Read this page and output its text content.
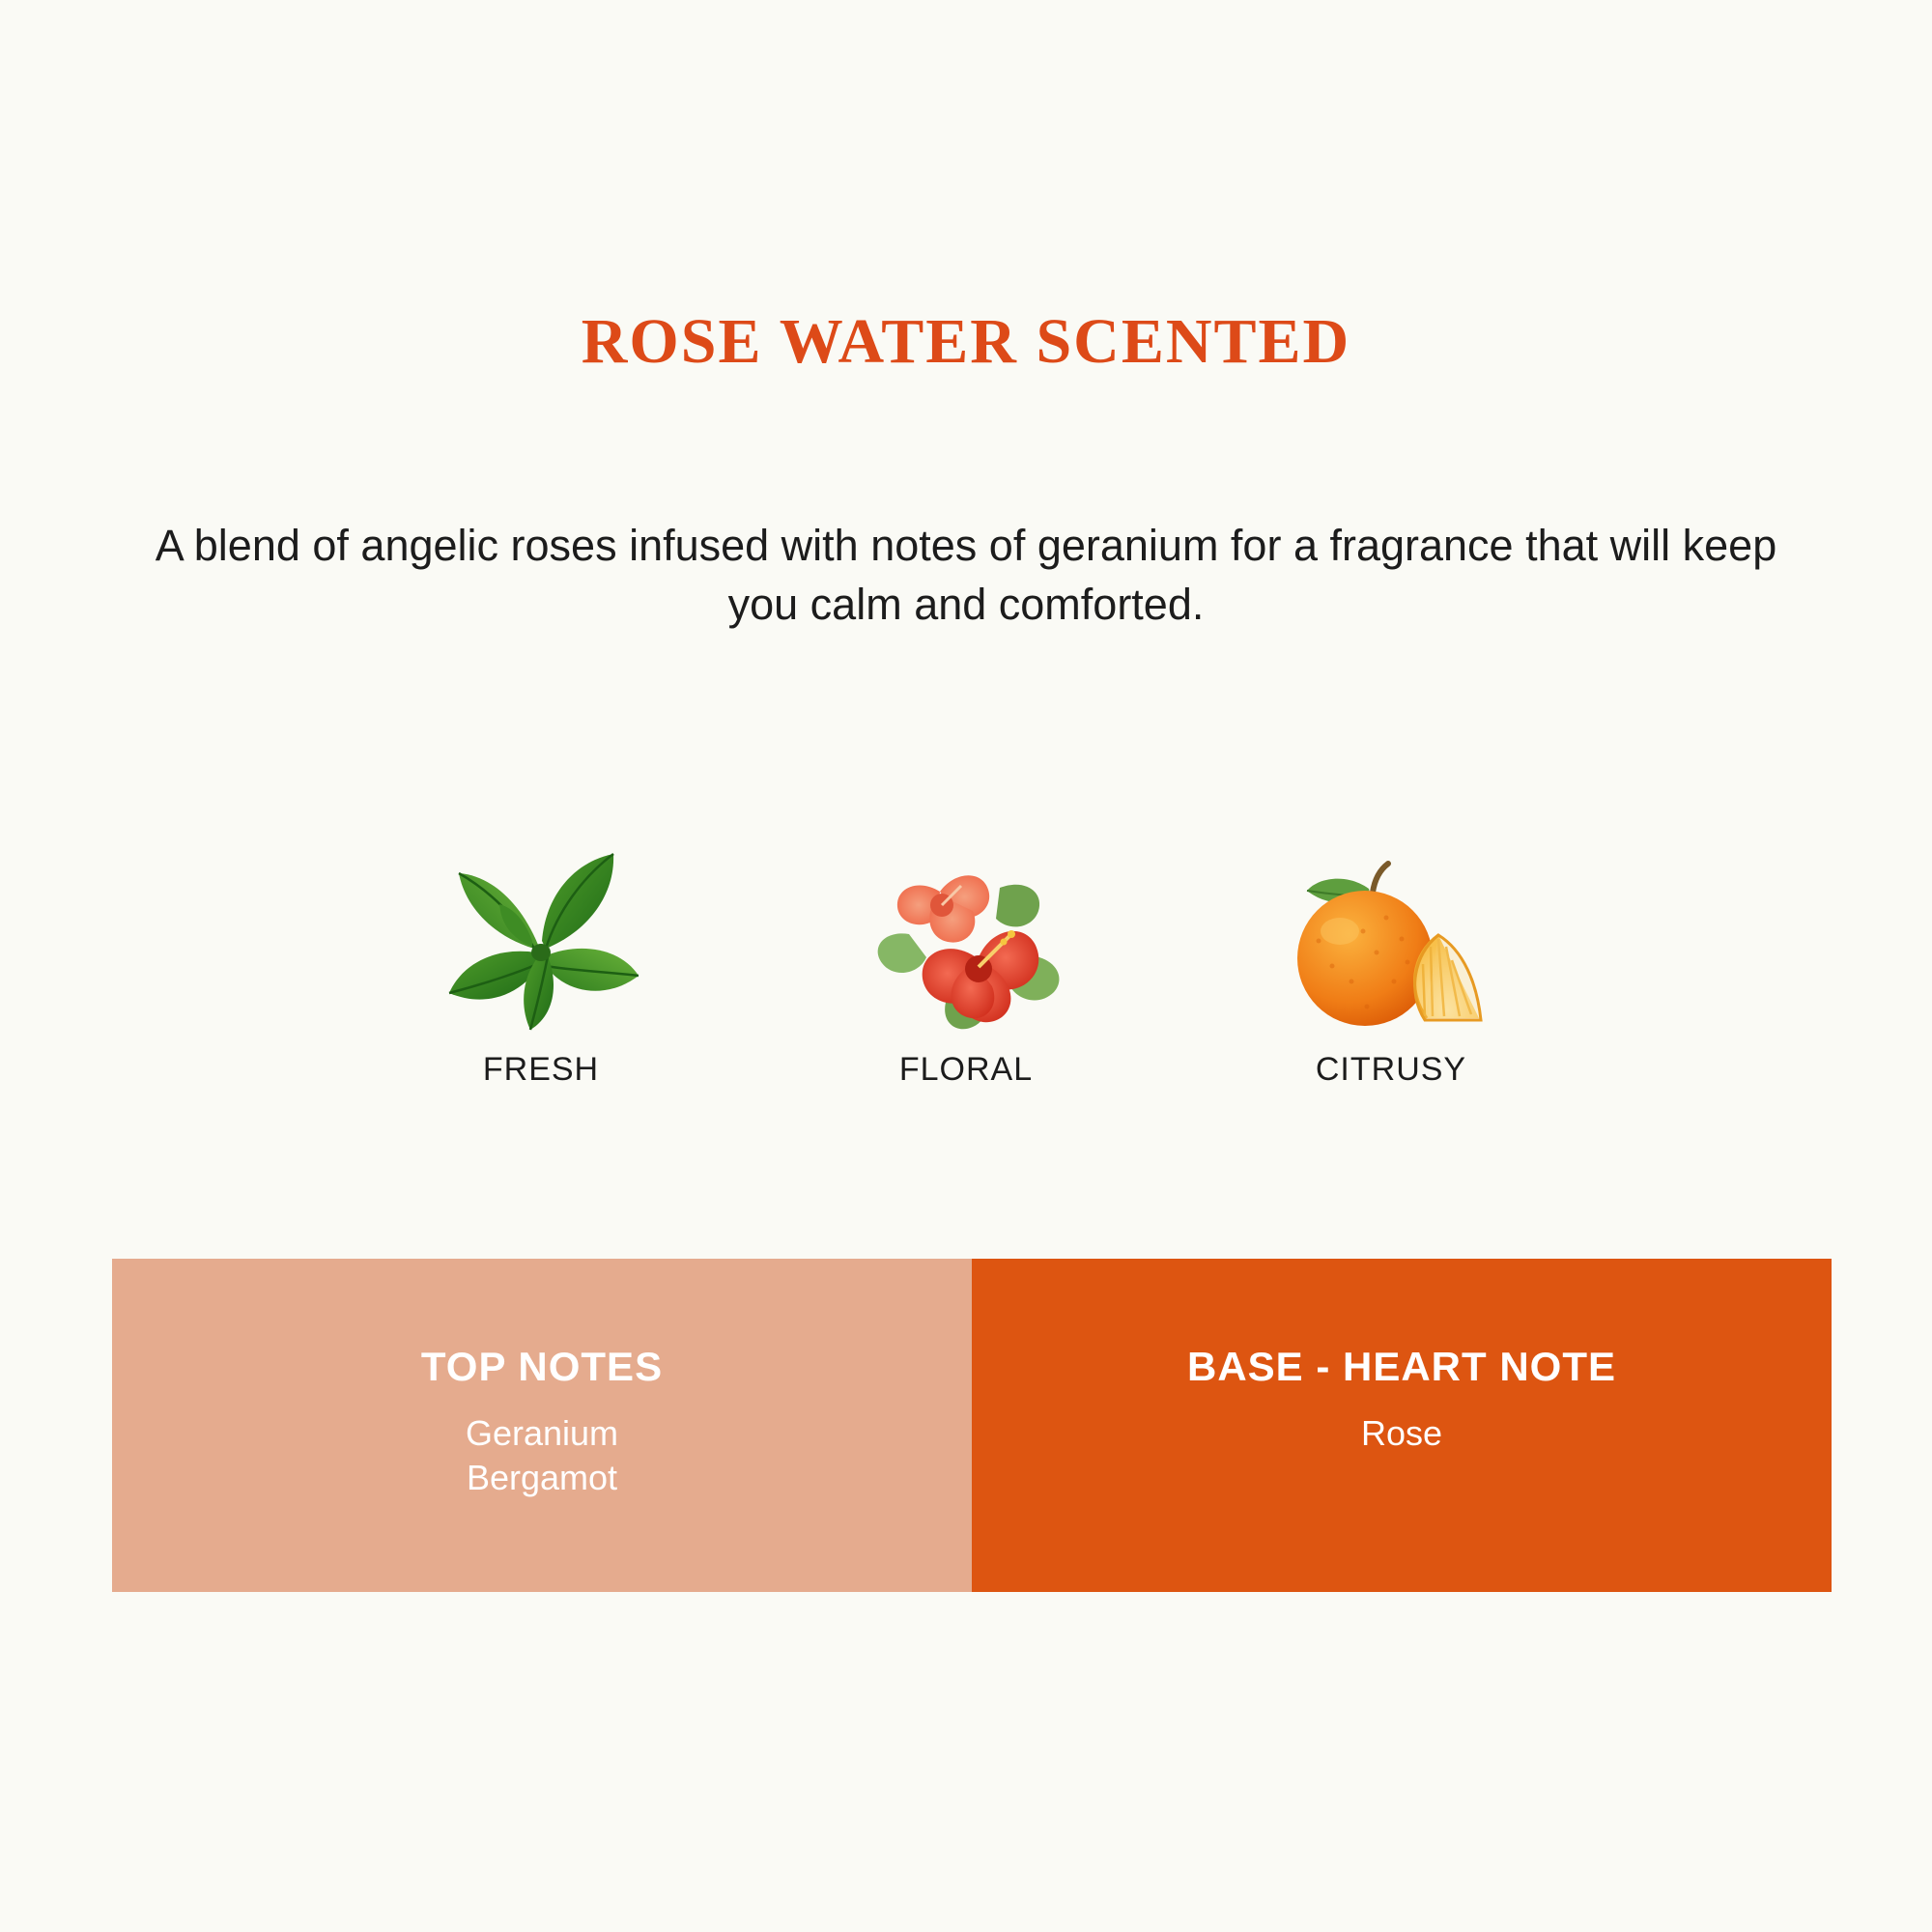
ROSE WATER SCENTED
A blend of angelic roses infused with notes of geranium for a fragrance that will keep you calm and comforted.
FRESH	FLORAL	CITRUSY
TOP NOTES
Geranium
Bergamot
BASE - HEART NOTE
Rose
